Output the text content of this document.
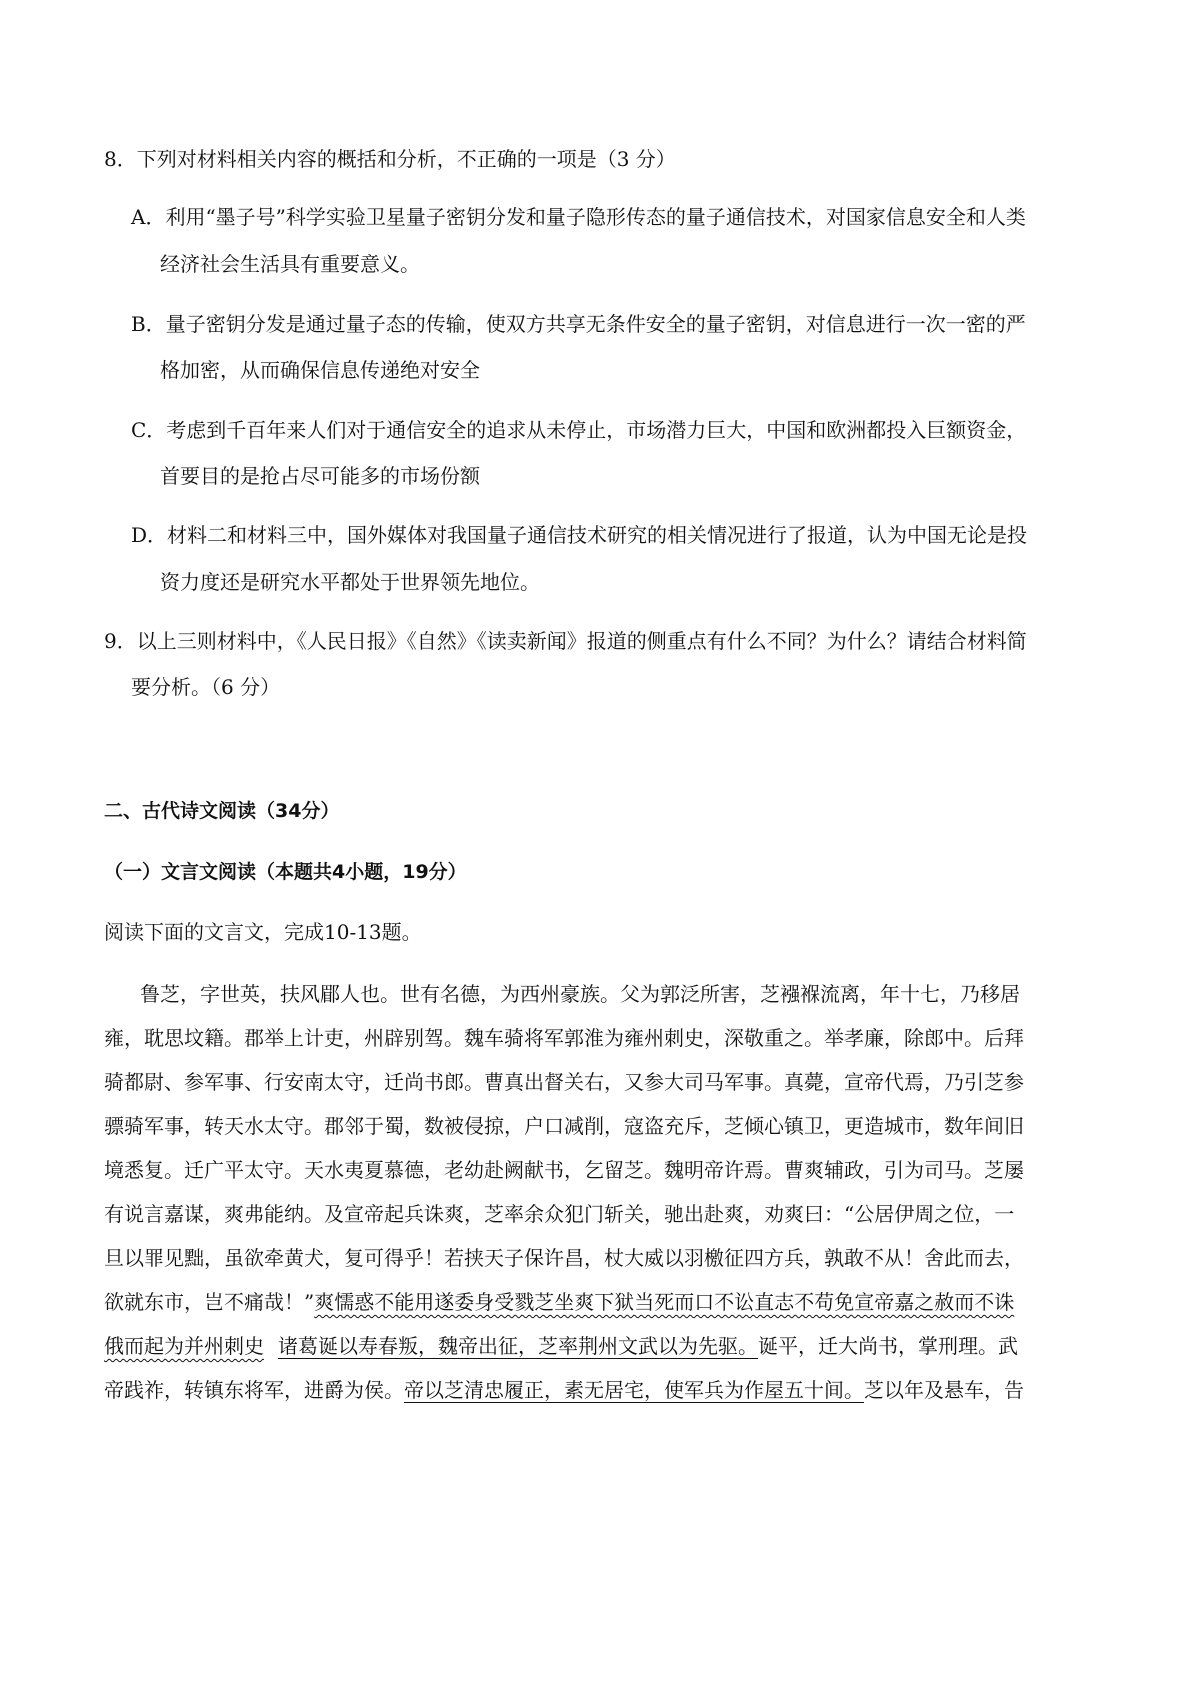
8．下列对材料相关内容的概括和分析，不正确的一项是（3 分）
A．利用“墨子号”科学实验卫星量子密钥分发和量子隐形传态的量子通信技术，对国家信息安全和人类
经济社会生活具有重要意义。
B．量子密钥分发是通过量子态的传输，使双方共享无条件安全的量子密钥，对信息进行一次一密的严
格加密，从而确保信息传递绝对安全
C．考虑到千百年来人们对于通信安全的追求从未停止，市场潜力巨大，中国和欧洲都投入巨额资金，
首要目的是抢占尽可能多的市场份额
D．材料二和材料三中，国外媒体对我国量子通信技术研究的相关情况进行了报道，认为中国无论是投
资力度还是研究水平都处于世界领先地位。
9．以上三则材料中，《人民日报》《自然》《读卖新闻》报道的侧重点有什么不同？为什么？请结合材料简
要分析。（6 分）
二、古代诗文阅读（34分）
（一）文言文阅读（本题共4小题，19分）
阅读下面的文言文，完成10-13题。
鲁芝，字世英，扶风郿人也。世有名德，为西州豪族。父为郭泛所害，芝襁褓流离，年十七，乃移居
雍，耽思坟籍。郡举上计吏，州辟别驾。魏车骑将军郭淮为雍州刺史，深敬重之。举孝廉，除郎中。后拜
骑都尉、参军事、行安南太守，迁尚书郎。曹真出督关右，又参大司马军事。真薨，宣帝代焉，乃引芝参
骠骑军事，转天水太守。郡邻于蜀，数被侵掠，户口减削，寇盗充斥，芝倾心镇卫，更造城市，数年间旧
境悉复。迁广平太守。天水夷夏慕德，老幼赴阙献书，乞留芝。魏明帝许焉。曹爽辅政，引为司马。芝屡
有说言嘉谋，爽弗能纳。及宣帝起兵诛爽，芝率余众犯门斩关，驰出赴爽，劝爽曰：“公居伊周之位，一
旦以罪见黜，虽欲牵黄犬，复可得乎！若挟天子保许昌，杖大威以羽檄征四方兵，孰敢不从！舍此而去，
欲就东市，岂不痛哉！”爽懦惑不能用遂委身受戮芝坐爽下狱当死而口不讼直志不苟免宣帝嘉之赦而不诛
俄而起为并州刺史 诸葛诞以寿春叛，魏帝出征，芝率荆州文武以为先驱。诞平，迁大尚书，掌刑理。武
帝践祚，转镇东将军，进爵为侯。帝以芝清忠履正，素无居宅，使军兵为作屋五十间。芝以年及悬车，告
